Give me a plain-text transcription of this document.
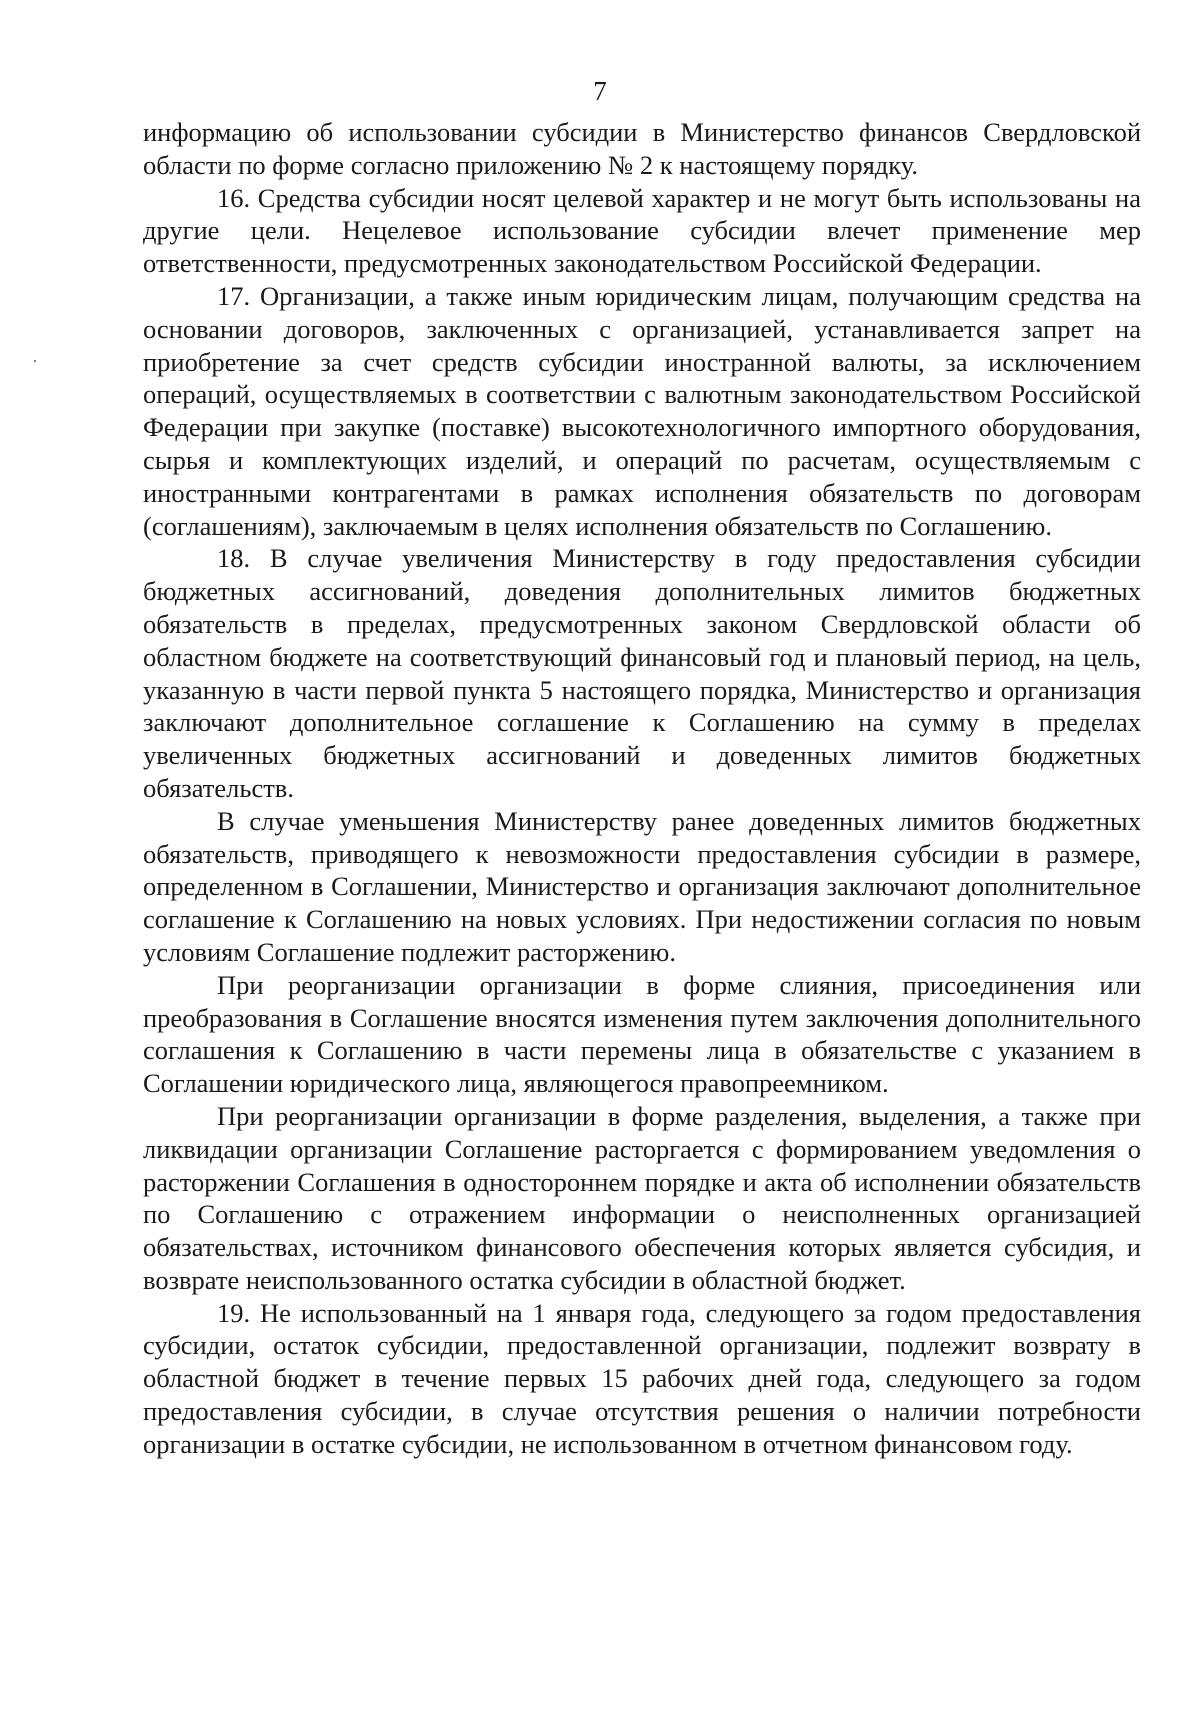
7

информацию об использовании субсидии в Министерство финансов Свердловской области по форме согласно приложению № 2 к настоящему порядку.

16. Средства субсидии носят целевой характер и не могут быть использованы на другие цели. Нецелевое использование субсидии влечет применение мер ответственности, предусмотренных законодательством Российской Федерации.

17. Организации, а также иным юридическим лицам, получающим средства на основании договоров, заключенных с организацией, устанавливается запрет на приобретение за счет средств субсидии иностранной валюты, за исключением операций, осуществляемых в соответствии с валютным законодательством Российской Федерации при закупке (поставке) высокотехнологичного импортного оборудования, сырья и комплектующих изделий, и операций по расчетам, осуществляемым с иностранными контрагентами в рамках исполнения обязательств по договорам (соглашениям), заключаемым в целях исполнения обязательств по Соглашению.

18. В случае увеличения Министерству в году предоставления субсидии бюджетных ассигнований, доведения дополнительных лимитов бюджетных обязательств в пределах, предусмотренных законом Свердловской области об областном бюджете на соответствующий финансовый год и плановый период, на цель, указанную в части первой пункта 5 настоящего порядка, Министерство и организация заключают дополнительное соглашение к Соглашению на сумму в пределах увеличенных бюджетных ассигнований и доведенных лимитов бюджетных обязательств.

В случае уменьшения Министерству ранее доведенных лимитов бюджетных обязательств, приводящего к невозможности предоставления субсидии в размере, определенном в Соглашении, Министерство и организация заключают дополнительное соглашение к Соглашению на новых условиях. При недостижении согласия по новым условиям Соглашение подлежит расторжению.

При реорганизации организации в форме слияния, присоединения или преобразования в Соглашение вносятся изменения путем заключения дополнительного соглашения к Соглашению в части перемены лица в обязательстве с указанием в Соглашении юридического лица, являющегося правопреемником.

При реорганизации организации в форме разделения, выделения, а также при ликвидации организации Соглашение расторгается с формированием уведомления о расторжении Соглашения в одностороннем порядке и акта об исполнении обязательств по Соглашению с отражением информации о неисполненных организацией обязательствах, источником финансового обеспечения которых является субсидия, и возврате неиспользованного остатка субсидии в областной бюджет.

19. Не использованный на 1 января года, следующего за годом предоставления субсидии, остаток субсидии, предоставленной организации, подлежит возврату в областной бюджет в течение первых 15 рабочих дней года, следующего за годом предоставления субсидии, в случае отсутствия решения о наличии потребности организации в остатке субсидии, не использованном в отчетном финансовом году.
